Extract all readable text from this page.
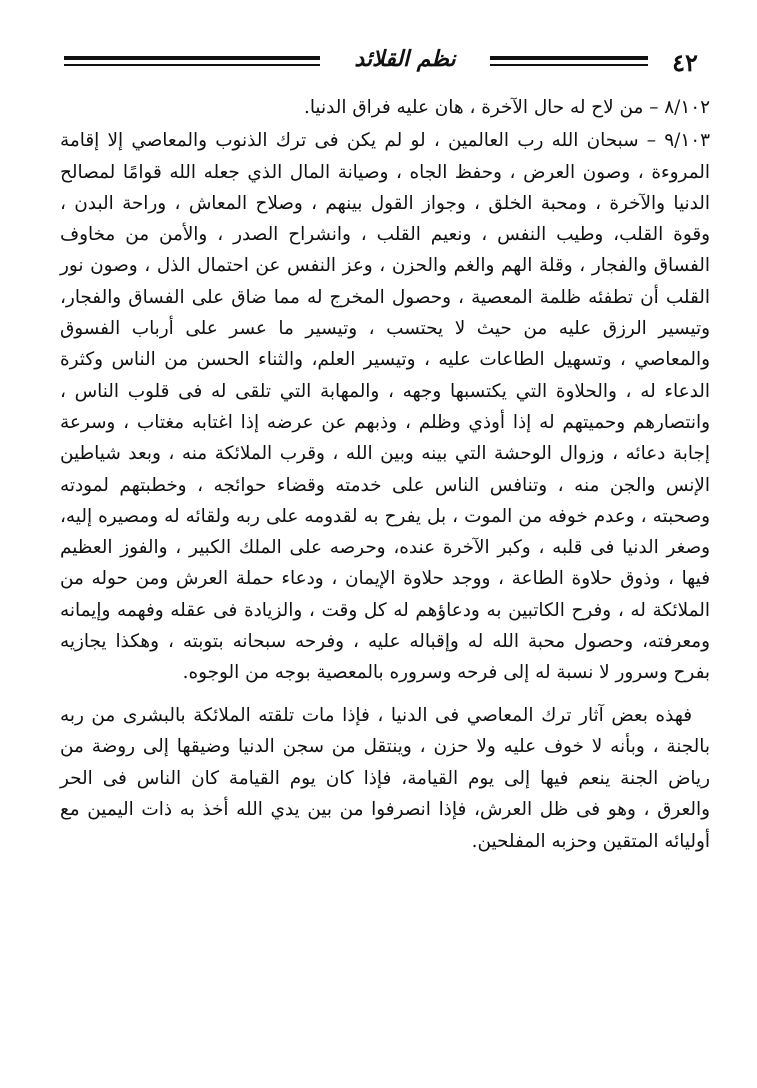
٤٢
نظم القلائد

٨/١٠٢ – من لاح له حال الآخرة ، هان عليه فراق الدنيا.

٩/١٠٣ – سبحان الله رب العالمين ، لو لم يكن فى ترك الذنوب والمعاصي إلا إقامة المروءة ، وصون العرض ، وحفظ الجاه ، وصيانة المال الذي جعله الله قوامًا لمصالح الدنيا والآخرة ، ومحبة الخلق ، وجواز القول بينهم ، وصلاح المعاش ، وراحة البدن ، وقوة القلب، وطيب النفس ، ونعيم القلب ، وانشراح الصدر ، والأمن من مخاوف الفساق والفجار ، وقلة الهم والغم والحزن ، وعز النفس عن احتمال الذل ، وصون نور القلب أن تطفئه ظلمة المعصية ، وحصول المخرج له مما ضاق على الفساق والفجار، وتيسير الرزق عليه من حيث لا يحتسب ، وتيسير ما عسر على أرباب الفسوق والمعاصي ، وتسهيل الطاعات عليه ، وتيسير العلم، والثناء الحسن من الناس وكثرة الدعاء له ، والحلاوة التي يكتسبها وجهه ، والمهابة التي تلقى له فى قلوب الناس ، وانتصارهم وحميتهم له إذا أوذي وظلم ، وذبهم عن عرضه إذا اغتابه مغتاب ، وسرعة إجابة دعائه ، وزوال الوحشة التي بينه وبين الله ، وقرب الملائكة منه ، وبعد شياطين الإنس والجن منه ، وتنافس الناس على خدمته وقضاء حوائجه ، وخطبتهم لمودته وصحبته ، وعدم خوفه من الموت ، بل يفرح به لقدومه على ربه ولقائه له ومصيره إليه، وصغر الدنيا فى قلبه ، وكبر الآخرة عنده، وحرصه على الملك الكبير ، والفوز العظيم فيها ، وذوق حلاوة الطاعة ، ووجد حلاوة الإيمان ، ودعاء حملة العرش ومن حوله من الملائكة له ، وفرح الكاتبين به ودعاؤهم له كل وقت ، والزيادة فى عقله وفهمه وإيمانه ومعرفته، وحصول محبة الله له وإقباله عليه ، وفرحه سبحانه بتوبته ، وهكذا يجازيه بفرح وسرور لا نسبة له إلى فرحه وسروره بالمعصية بوجه من الوجوه.

فهذه بعض آثار ترك المعاصي فى الدنيا ، فإذا مات تلقته الملائكة بالبشرى من ربه بالجنة ، وبأنه لا خوف عليه ولا حزن ، وينتقل من سجن الدنيا وضيقها إلى روضة من رياض الجنة ينعم فيها إلى يوم القيامة، فإذا كان يوم القيامة كان الناس فى الحر والعرق ، وهو فى ظل العرش، فإذا انصرفوا من بين يدي الله أخذ به ذات اليمين مع أوليائه المتقين وحزبه المفلحين.
